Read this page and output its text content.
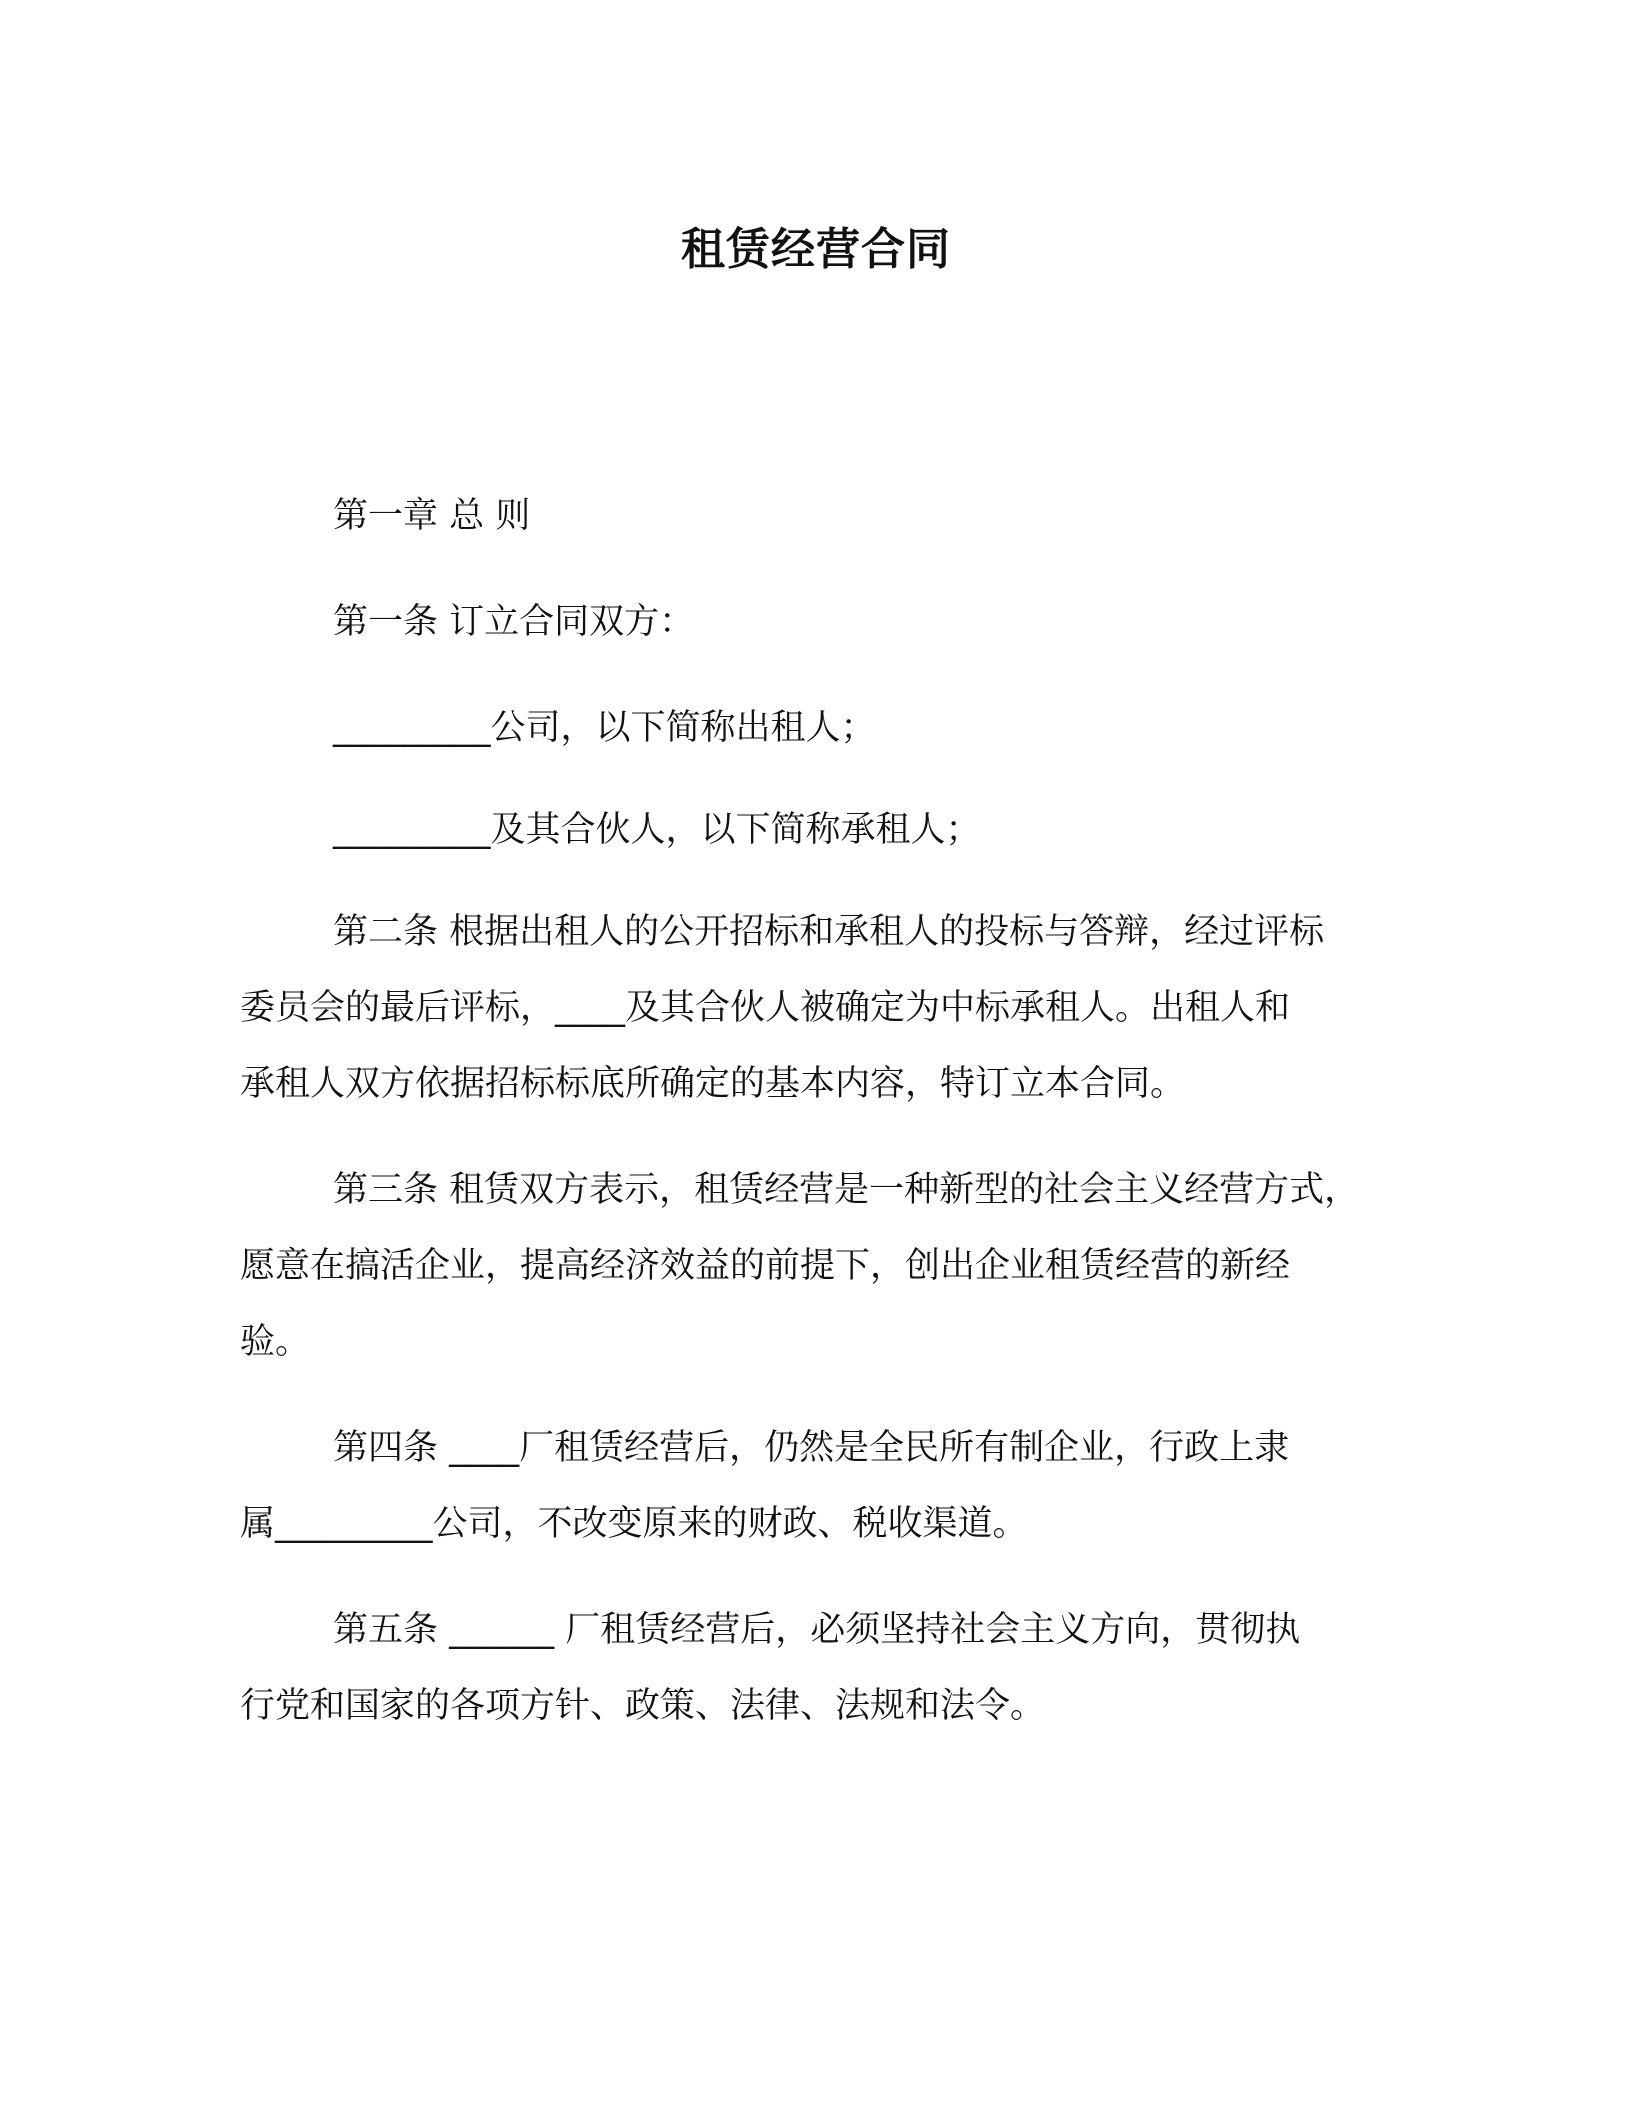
租赁经营合同
第一章 总 则
第一条 订立合同双方：
_________公司，以下简称出租人；
_________及其合伙人，以下简称承租人；
第二条 根据出租人的公开招标和承租人的投标与答辩，经过评标
委员会的最后评标，____及其合伙人被确定为中标承租人。出租人和
承租人双方依据招标标底所确定的基本内容，特订立本合同。
第三条 租赁双方表示，租赁经营是一种新型的社会主义经营方式，
愿意在搞活企业，提高经济效益的前提下，创出企业租赁经营的新经
验。
第四条 ____厂租赁经营后，仍然是全民所有制企业，行政上隶
属_________公司，不改变原来的财政、税收渠道。
第五条 ______ 厂租赁经营后，必须坚持社会主义方向，贯彻执
行党和国家的各项方针、政策、法律、法规和法令。
